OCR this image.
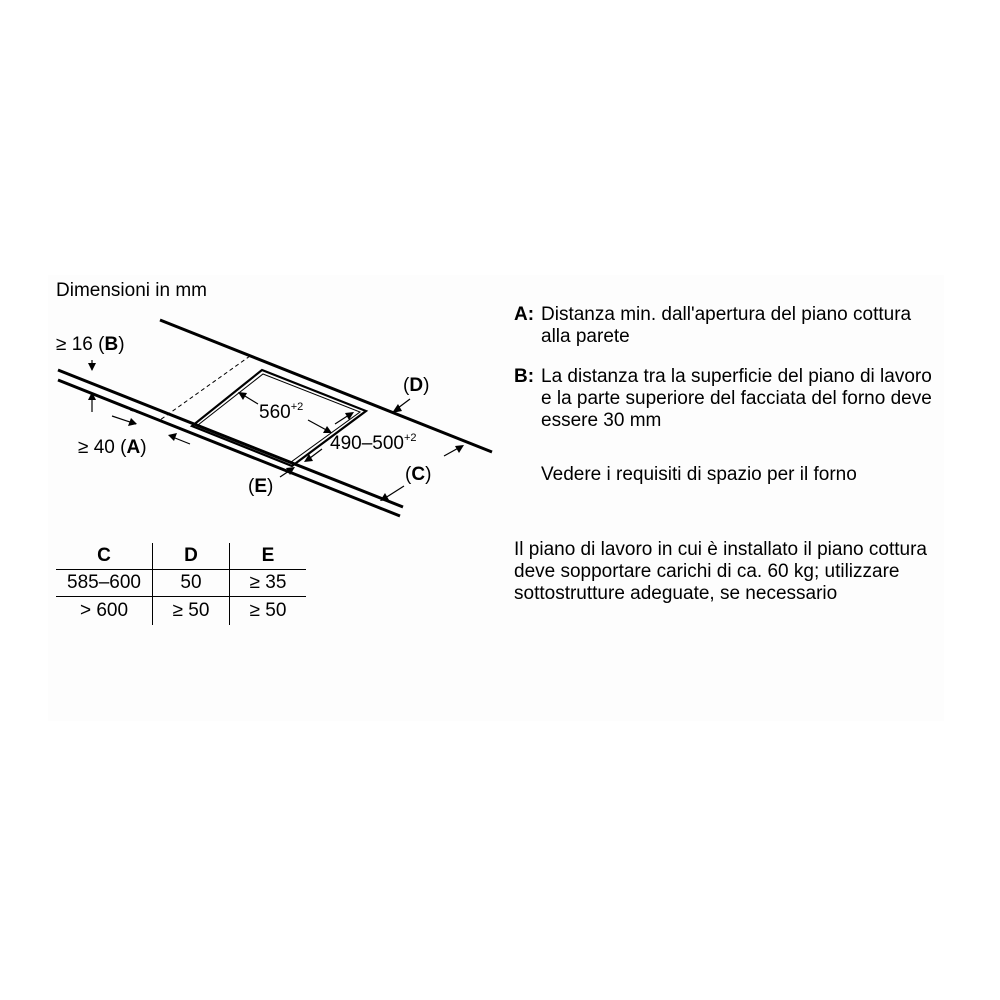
Dimensioni in mm
≥ 16 (B)
≥ 40 (A)
(D)
(C)
(E)
$560^{+2}$
$490-500^{+2}$
C	D	E
585–600	50	≥ 35
> 600	≥ 50	≥ 50
A: Distanza min. dall'apertura del piano cottura alla parete
B: La distanza tra la superficie del piano di lavoro e la parte superiore del facciata del forno deve essere 30 mm
Vedere i requisiti di spazio per il forno
Il piano di lavoro in cui è installato il piano cottura deve sopportare carichi di ca. 60 kg; utilizzare sottostrutture adeguate, se necessario
